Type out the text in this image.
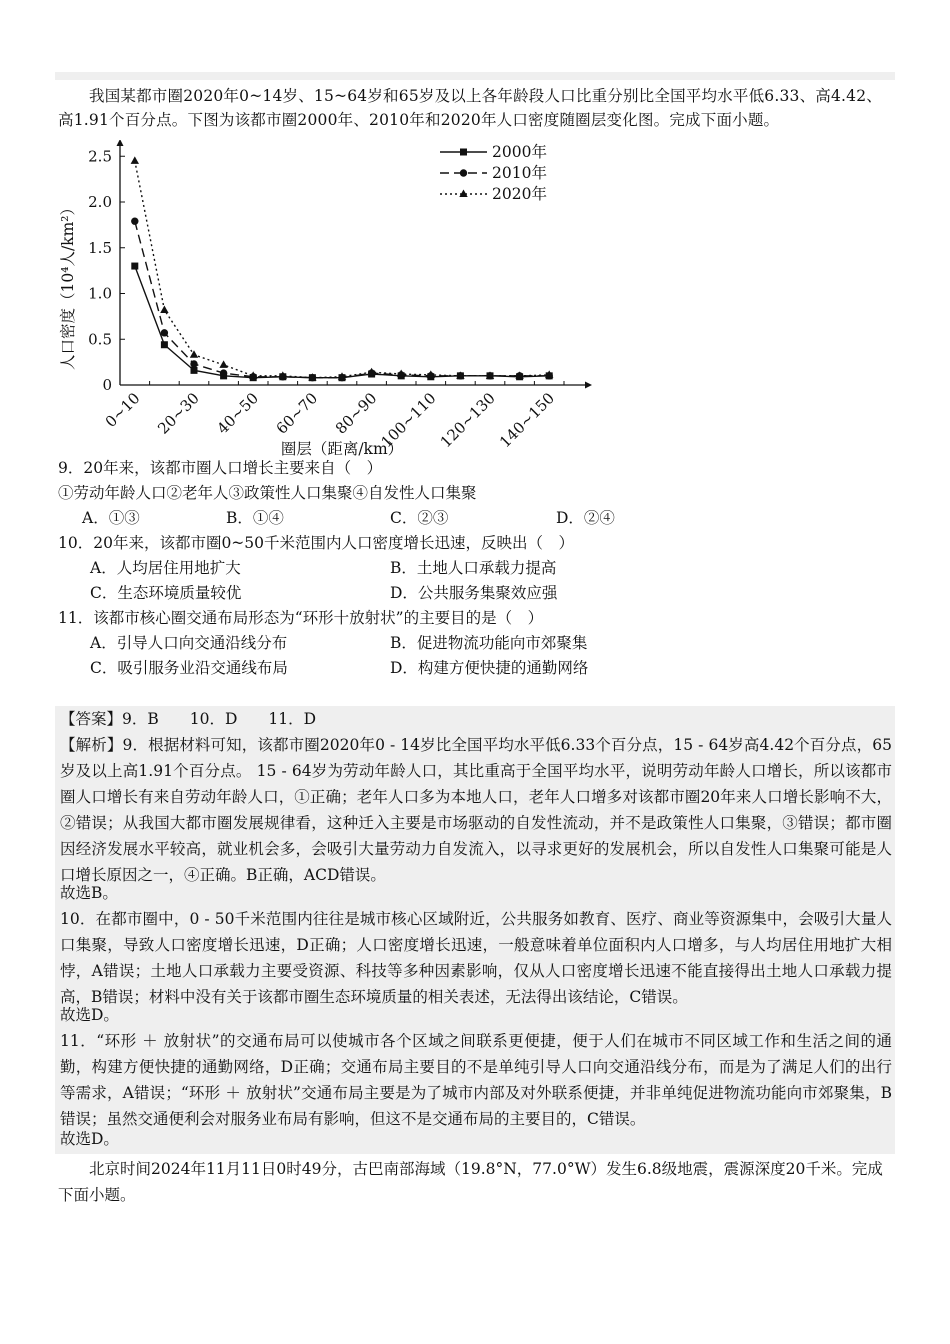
我国某都市圈2020年0~14岁、15~64岁和65岁及以上各年龄段人口比重分别比全国平均水平低6.33、高4.42、高1.91个百分点。下图为该都市圈2000年、2010年和2020年人口密度随圈层变化图。完成下面小题。
0
0.5
1.0
1.5
2.0
2.5
人口密度（10⁴人/km²）
0~10 20~30 40~50 60~70 80~90
100~110
120~130
140~150
圈层（距离/km）
2000年
2010年
2020年
9．20年来，该都市圈人口增长主要来自（　）
①劳动年龄人口②老年人③政策性人口集聚④自发性人口集聚
A．①③	B．①④	C．②③	D．②④
10．20年来，该都市圈0~50千米范围内人口密度增长迅速，反映出（　）
A．人均居住用地扩大	B．土地人口承载力提高
C．生态环境质量较优	D．公共服务集聚效应强
11．该都市核心圈交通布局形态为“环形十放射状”的主要目的是（　）
A．引导人口向交通沿线分布	B．促进物流功能向市郊聚集
C．吸引服务业沿交通线布局	D．构建方便快捷的通勤网络
【答案】9．B　　10．D　　11．D
【解析】9．根据材料可知，该都市圈2020年0 - 14岁比全国平均水平低6.33个百分点，15 - 64岁高4.42个百分点，65岁及以上高1.91个百分点。 15 - 64岁为劳动年龄人口，其比重高于全国平均水平，说明劳动年龄人口增长，所以该都市圈人口增长有来自劳动年龄人口，①正确；老年人口多为本地人口，老年人口增多对该都市圈20年来人口增长影响不大，②错误；从我国大都市圈发展规律看，这种迁入主要是市场驱动的自发性流动，并不是政策性人口集聚，③错误；都市圈因经济发展水平较高，就业机会多，会吸引大量劳动力自发流入，以寻求更好的发展机会，所以自发性人口集聚可能是人口增长原因之一，④正确。B正确，ACD错误。
故选B。
10．在都市圈中，0 - 50千米范围内往往是城市核心区域附近，公共服务如教育、医疗、商业等资源集中，会吸引大量人口集聚，导致人口密度增长迅速，D正确；人口密度增长迅速，一般意味着单位面积内人口增多，与人均居住用地扩大相悖，A错误；土地人口承载力主要受资源、科技等多种因素影响，仅从人口密度增长迅速不能直接得出土地人口承载力提高，B错误；材料中没有关于该都市圈生态环境质量的相关表述，无法得出该结论，C错误。
故选D。
11．“环形 ＋ 放射状”的交通布局可以使城市各个区域之间联系更便捷，便于人们在城市不同区域工作和生活之间的通勤，构建方便快捷的通勤网络，D正确；交通布局主要目的不是单纯引导人口向交通沿线分布，而是为了满足人们的出行等需求，A错误；“环形 ＋ 放射状”交通布局主要是为了城市内部及对外联系便捷，并非单纯促进物流功能向市郊聚集，B错误；虽然交通便利会对服务业布局有影响，但这不是交通布局的主要目的，C错误。
故选D。
北京时间2024年11月11日0时49分，古巴南部海域（19.8°N，77.0°W）发生6.8级地震，震源深度20千米。完成下面小题。
